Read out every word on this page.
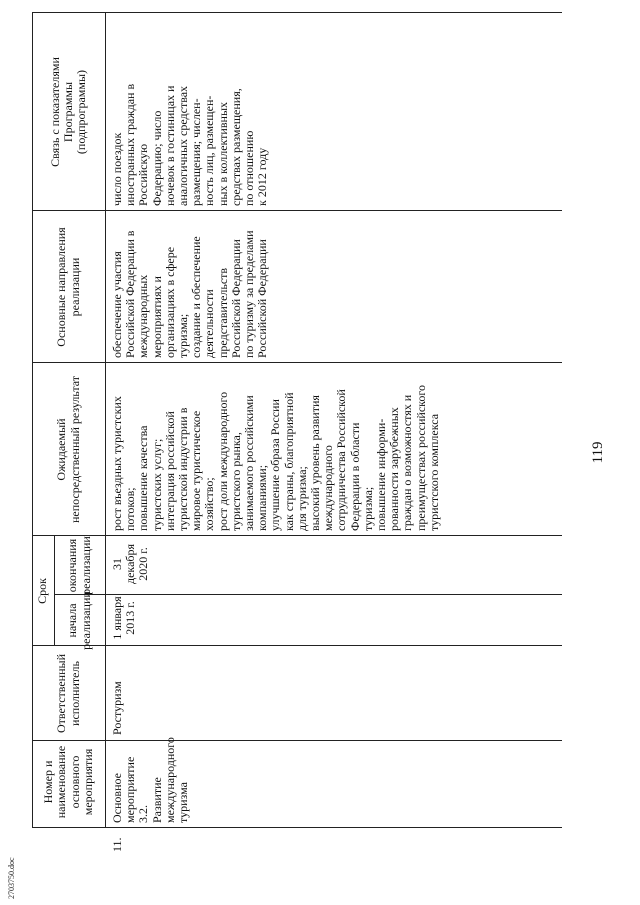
119
2703750.doc
Номер и
наименование
основного
мероприятия
Ответственный
исполнитель
Срок
начала
реализации
окончания
реализации
Ожидаемый
непосредственный результат
Основные направления
реализации
Связь с показателями
Программы
(подпрограммы)
11.
Основное
мероприятие 3.2.
Развитие
международного
туризма
Ростуризм
1 января
2013 г.
31
декабря
2020 г.
рост въездных туристских
потоков;
повышение качества
туристских услуг;
интеграция российской
туристской индустрии в
мировое туристическое
хозяйство;
рост доли международного
туристского рынка,
занимаемого российскими
компаниями;
улучшение образа России
как страны, благоприятной
для туризма;
высокий уровень развития
международного
сотрудничества Российской
Федерации в области
туризма;
повышение информи-
рованности зарубежных
граждан о возможностях и
преимуществах российского
туристского комплекса
обеспечение участия
Российской Федерации в
международных
мероприятиях и
организациях в сфере
туризма;
создание и обеспечение
деятельности
представительств
Российской Федерации
по туризму за пределами
Российской Федерации
число поездок
иностранных граждан в
Российскую
Федерацию; число
ночевок в гостиницах и
аналогичных средствах
размещения; числен-
ность лиц, размещен-
ных в коллективных
средствах размещения,
по отношению
к 2012 году
